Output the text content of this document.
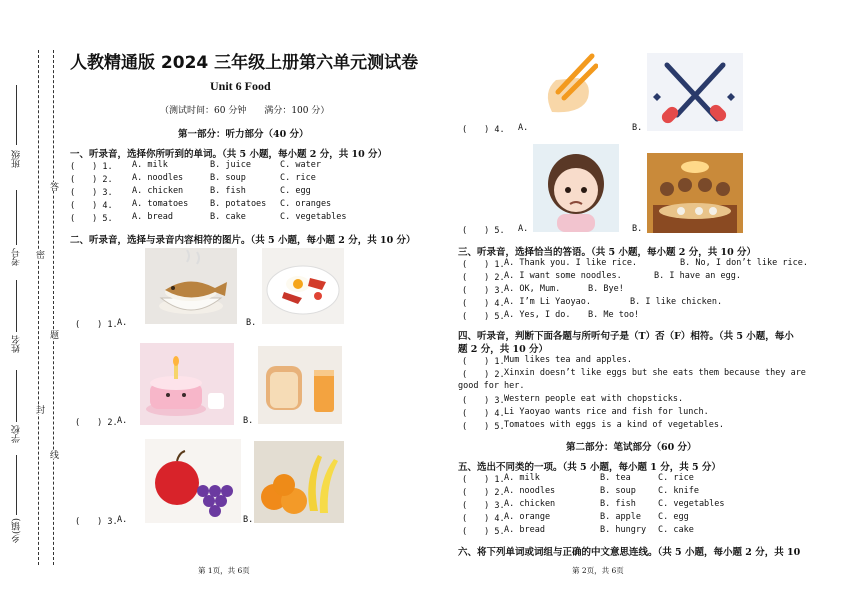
班级
考号
姓名
学校
乡(镇)
答
密
题
封
线
人教精通版 2024 三年级上册第六单元测试卷
Unit 6 Food
（测试时间：60 分钟　　满分：100 分）
第一部分：听力部分（40 分）
一、听录音，选择你所听到的单词。（共 5 小题，每小题 2 分，共 10 分）
(　　) 1. A. milk	B. juice	C. water
(　　) 2. A. noodles	B. soup	C. rice
(　　) 3. A. chicken	B. fish	C. egg
(　　) 4. A. tomatoes	B. potatoes C. oranges
(　　) 5. A. bread	B. cake	C. vegetables
二、听录音，选择与录音内容相符的图片。（共 5 小题，每小题 2 分，共 10 分）
(　　) 1. A.	B.
(　　) 2. A.	B.
(　　) 3. A.	B.
(　　) 4. A.	B.
(　　) 5. A.	B.
三、听录音，选择恰当的答语。（共 5 小题，每小题 2 分，共 10 分）
(　　) 1. A. Thank you. I like rice.	B. No, I don’t like rice.
(　　) 2. A. I want some noodles.	B. I have an egg.
(　　) 3. A. OK, Mum.	B. Bye!
(　　) 4. A. I’m Li Yaoyao.	B. I like chicken.
(　　) 5. A. Yes, I do. B. Me too!
四、听录音，判断下面各题与所听句子是（T）否（F）相符。（共 5 小题，每小
题 2 分，共 10 分）
(　　) 1. Mum likes tea and apples.
(　　) 2. Xinxin doesn’t like eggs but she eats them because they are
good for her.
(　　) 3. Western people eat with chopsticks.
(　　) 4. Li Yaoyao wants rice and fish for lunch.
(　　) 5. Tomatoes with eggs is a kind of vegetables.
第二部分：笔试部分（60 分）
五、选出不同类的一项。（共 5 小题，每小题 1 分，共 5 分）
(　　) 1. A. milk	B. tea	C. rice
(　　) 2. A. noodles	B. soup	C. knife
(　　) 3. A. chicken	B. fish	C. vegetables
(　　) 4. A. orange	B. apple C. egg
(　　) 5. A. bread	B. hungry C. cake
六、将下列单词或词组与正确的中文意思连线。（共 5 小题，每小题 2 分，共 10
第 1页，共 6页	第 2页，共 6页
